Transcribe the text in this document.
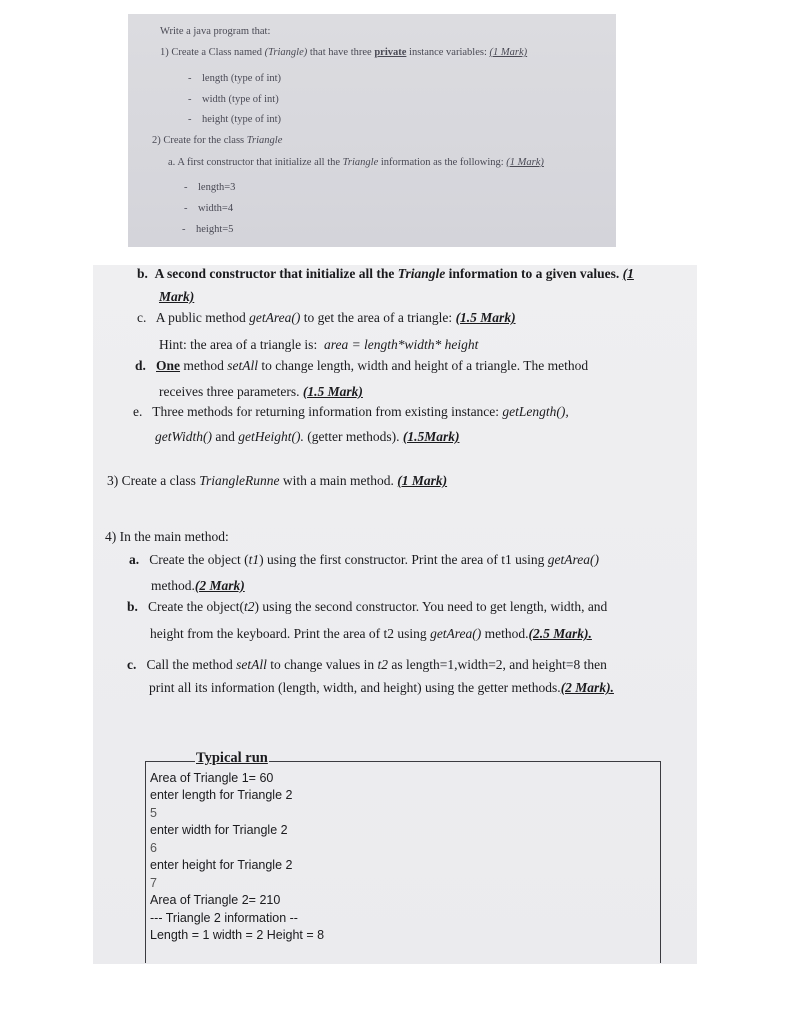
Write a java program that:
1) Create a Class named (Triangle) that have three private instance variables: (1 Mark)
-    length (type of int)
-    width (type of int)
-    height (type of int)
2) Create for the class Triangle
a. A first constructor that initialize all the Triangle information as the following: (1 Mark)
-    length=3
-    width=4
-    height=5
b. A second constructor that initialize all the Triangle information to a given values. (1
Mark)
c. A public method getArea() to get the area of a triangle: (1.5 Mark)
Hint: the area of a triangle is: area = length*width* height
d. One method setAll to change length, width and height of a triangle. The method
receives three parameters. (1.5 Mark)
e. Three methods for returning information from existing instance: getLength(),
getWidth() and getHeight(). (getter methods). (1.5Mark)
3) Create a class TriangleRunne with a main method. (1 Mark)
4) In the main method:
a. Create the object (t1) using the first constructor. Print the area of t1 using getArea()
method.(2 Mark)
b. Create the object(t2) using the second constructor. You need to get length, width, and
height from the keyboard. Print the area of t2 using getArea() method.(2.5 Mark).
c. Call the method setAll to change values in t2 as length=1,width=2, and height=8 then
print all its information (length, width, and height) using the getter methods.(2 Mark).
Area of Triangle 1= 60
enter length for Triangle 2
5
enter width for Triangle 2
6
enter height for Triangle 2
7
Area of Triangle 2= 210
--- Triangle 2 information --
Length = 1 width = 2 Height = 8
Typical run
